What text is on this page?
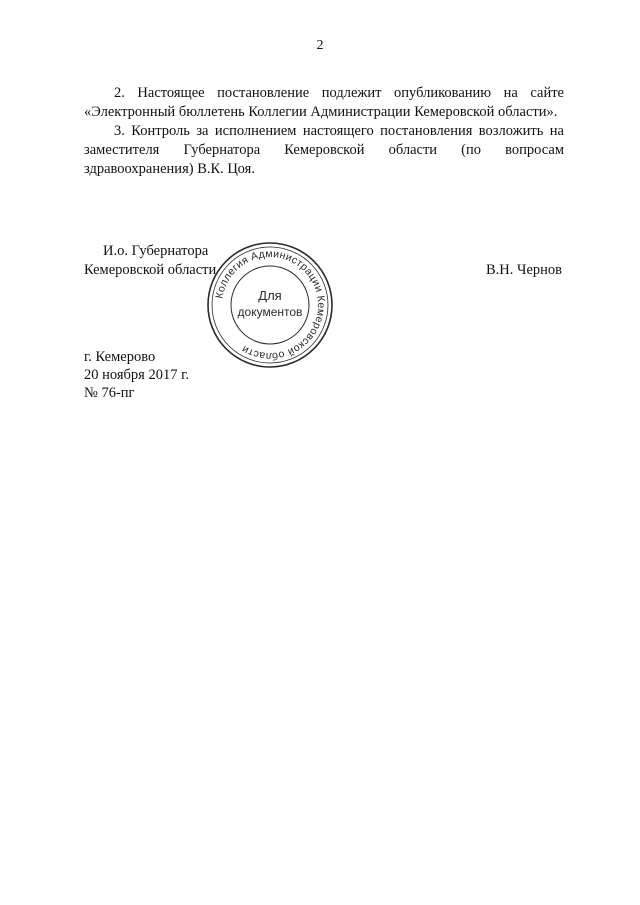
2

2. Настоящее постановление подлежит опубликованию на сайте «Электронный бюллетень Коллегии Администрации Кемеровской области».

3. Контроль за исполнением настоящего постановления возложить на заместителя Губернатора Кемеровской области (по вопросам здравоохранения) В.К. Цоя.

И.о. Губернатора
Кемеровской области	В.Н. Чернов
Коллегия Администрации Кемеровской области
Для
документов
г. Кемерово
20 ноября 2017 г.
№ 76-пг
